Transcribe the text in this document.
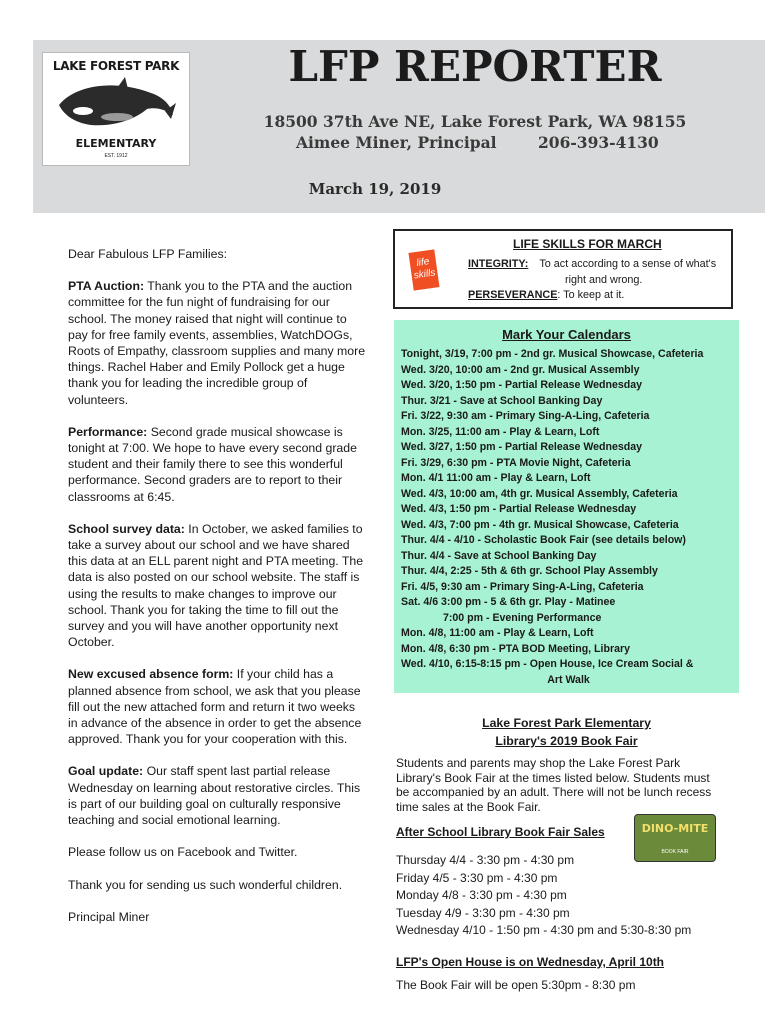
LAKE FOREST PARK
ELEMENTARY
EST. 1912
LFP REPORTER
18500 37th Ave NE, Lake Forest Park, WA 98155
Aimee Miner, Principal	206-393-4130
March 19, 2019

Dear Fabulous LFP Families:

PTA Auction: Thank you to the PTA and the auction committee for the fun night of fundraising for our school. The money raised that night will continue to pay for free family events, assemblies, WatchDOGs, Roots of Empathy, classroom supplies and many more things. Rachel Haber and Emily Pollock get a huge thank you for leading the incredible group of volunteers.

Performance: Second grade musical showcase is tonight at 7:00. We hope to have every second grade student and their family there to see this wonderful performance. Second graders are to report to their classrooms at 6:45.

School survey data: In October, we asked families to take a survey about our school and we have shared this data at an ELL parent night and PTA meeting. The data is also posted on our school website. The staff is using the results to make changes to improve our school. Thank you for taking the time to fill out the survey and you will have another opportunity next October.

New excused absence form: If your child has a planned absence from school, we ask that you please fill out the new attached form and return it two weeks in advance of the absence in order to get the absence approved. Thank you for your cooperation with this.

Goal update: Our staff spent last partial release Wednesday on learning about restorative circles. This is part of our building goal on culturally responsive teaching and social emotional learning.

Please follow us on Facebook and Twitter.

Thank you for sending us such wonderful children.

Principal Miner

life skills
LIFE SKILLS FOR MARCH
INTEGRITY: To act according to a sense of what's
right and wrong.
PERSEVERANCE: To keep at it.
Mark Your Calendars
Tonight, 3/19, 7:00 pm - 2nd gr. Musical Showcase, Cafeteria
Wed. 3/20, 10:00 am - 2nd gr. Musical Assembly
Wed. 3/20, 1:50 pm - Partial Release Wednesday
Thur. 3/21 - Save at School Banking Day
Fri. 3/22, 9:30 am - Primary Sing-A-Ling, Cafeteria
Mon. 3/25, 11:00 am - Play & Learn, Loft
Wed. 3/27, 1:50 pm - Partial Release Wednesday
Fri. 3/29, 6:30 pm - PTA Movie Night, Cafeteria
Mon. 4/1 11:00 am - Play & Learn, Loft
Wed. 4/3, 10:00 am, 4th gr. Musical Assembly, Cafeteria
Wed. 4/3, 1:50 pm - Partial Release Wednesday
Wed. 4/3, 7:00 pm - 4th gr. Musical Showcase, Cafeteria
Thur. 4/4 - 4/10 - Scholastic Book Fair (see details below)
Thur. 4/4 - Save at School Banking Day
Thur. 4/4, 2:25 - 5th & 6th gr. School Play Assembly
Fri. 4/5, 9:30 am - Primary Sing-A-Ling, Cafeteria
Sat. 4/6 3:00 pm - 5 & 6th gr. Play - Matinee
7:00 pm - Evening Performance
Mon. 4/8, 11:00 am - Play & Learn, Loft
Mon. 4/8, 6:30 pm - PTA BOD Meeting, Library
Wed. 4/10, 6:15-8:15 pm - Open House, Ice Cream Social &
Art Walk
Lake Forest Park Elementary
Library's 2019 Book Fair
Students and parents may shop the Lake Forest Park Library's Book Fair at the times listed below. Students must be accompanied by an adult. There will not be lunch recess time sales at the Book Fair.
After School Library Book Fair Sales	DINO-MITE
BOOK FAIR
Thursday 4/4 - 3:30 pm - 4:30 pm
Friday 4/5 - 3:30 pm - 4:30 pm
Monday 4/8 - 3:30 pm - 4:30 pm
Tuesday 4/9 - 3:30 pm - 4:30 pm
Wednesday 4/10 - 1:50 pm - 4:30 pm and 5:30-8:30 pm
LFP's Open House is on Wednesday, April 10th
The Book Fair will be open 5:30pm - 8:30 pm
